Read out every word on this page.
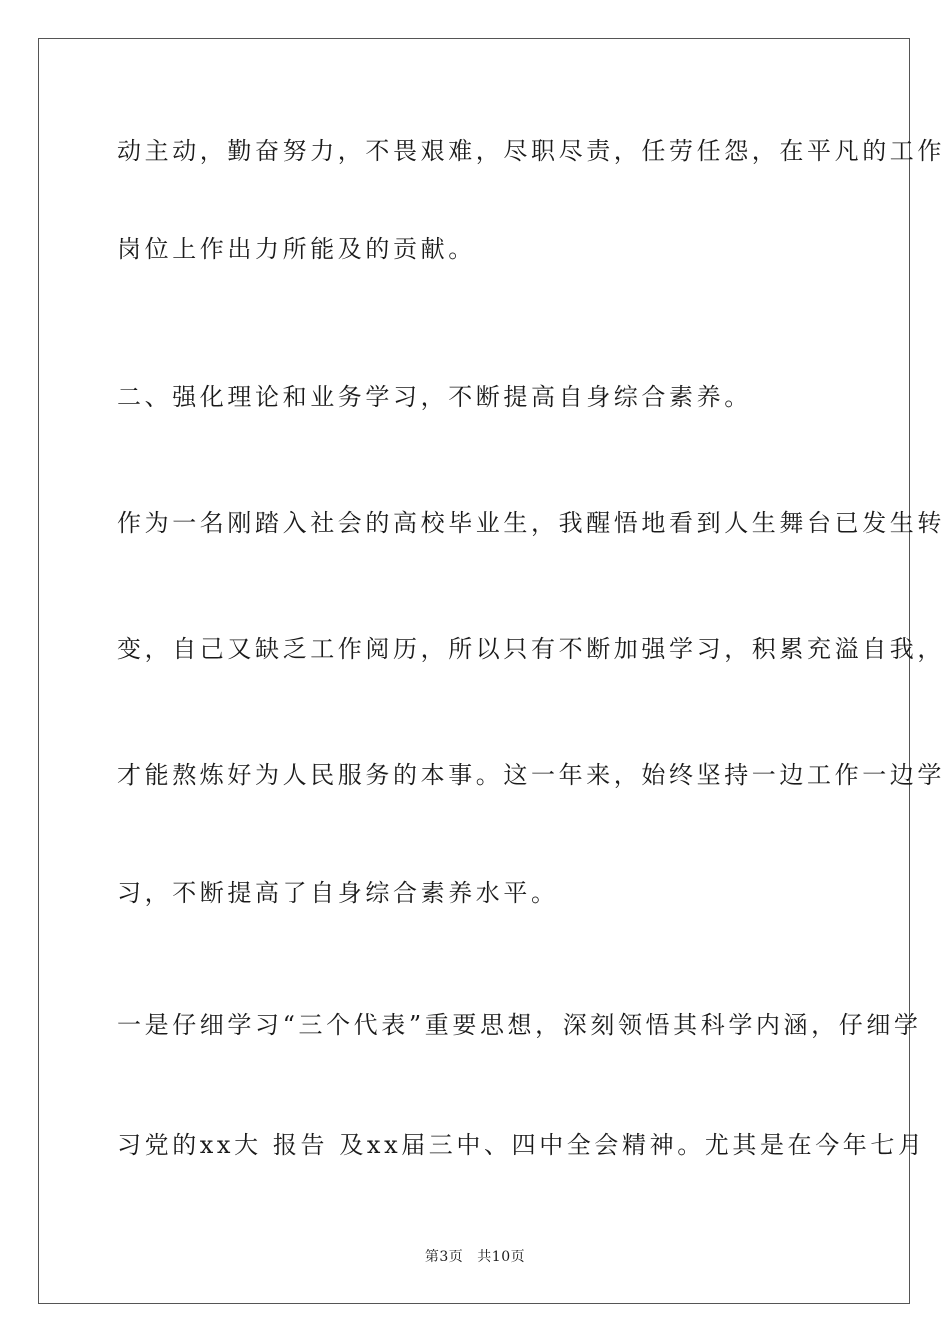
动主动，勤奋努力，不畏艰难，尽职尽责，任劳任怨，在平凡的工作
岗位上作出力所能及的贡献。
二、强化理论和业务学习，不断提高自身综合素养。
作为一名刚踏入社会的高校毕业生，我醒悟地看到人生舞台已发生转
变，自己又缺乏工作阅历，所以只有不断加强学习，积累充溢自我，
才能熬炼好为人民服务的本事。这一年来，始终坚持一边工作一边学
习，不断提高了自身综合素养水平。
一是仔细学习“三个代表”重要思想，深刻领悟其科学内涵，仔细学
习党的xx大 报告 及xx届三中、四中全会精神。尤其是在今年七月
第3页 共10页
